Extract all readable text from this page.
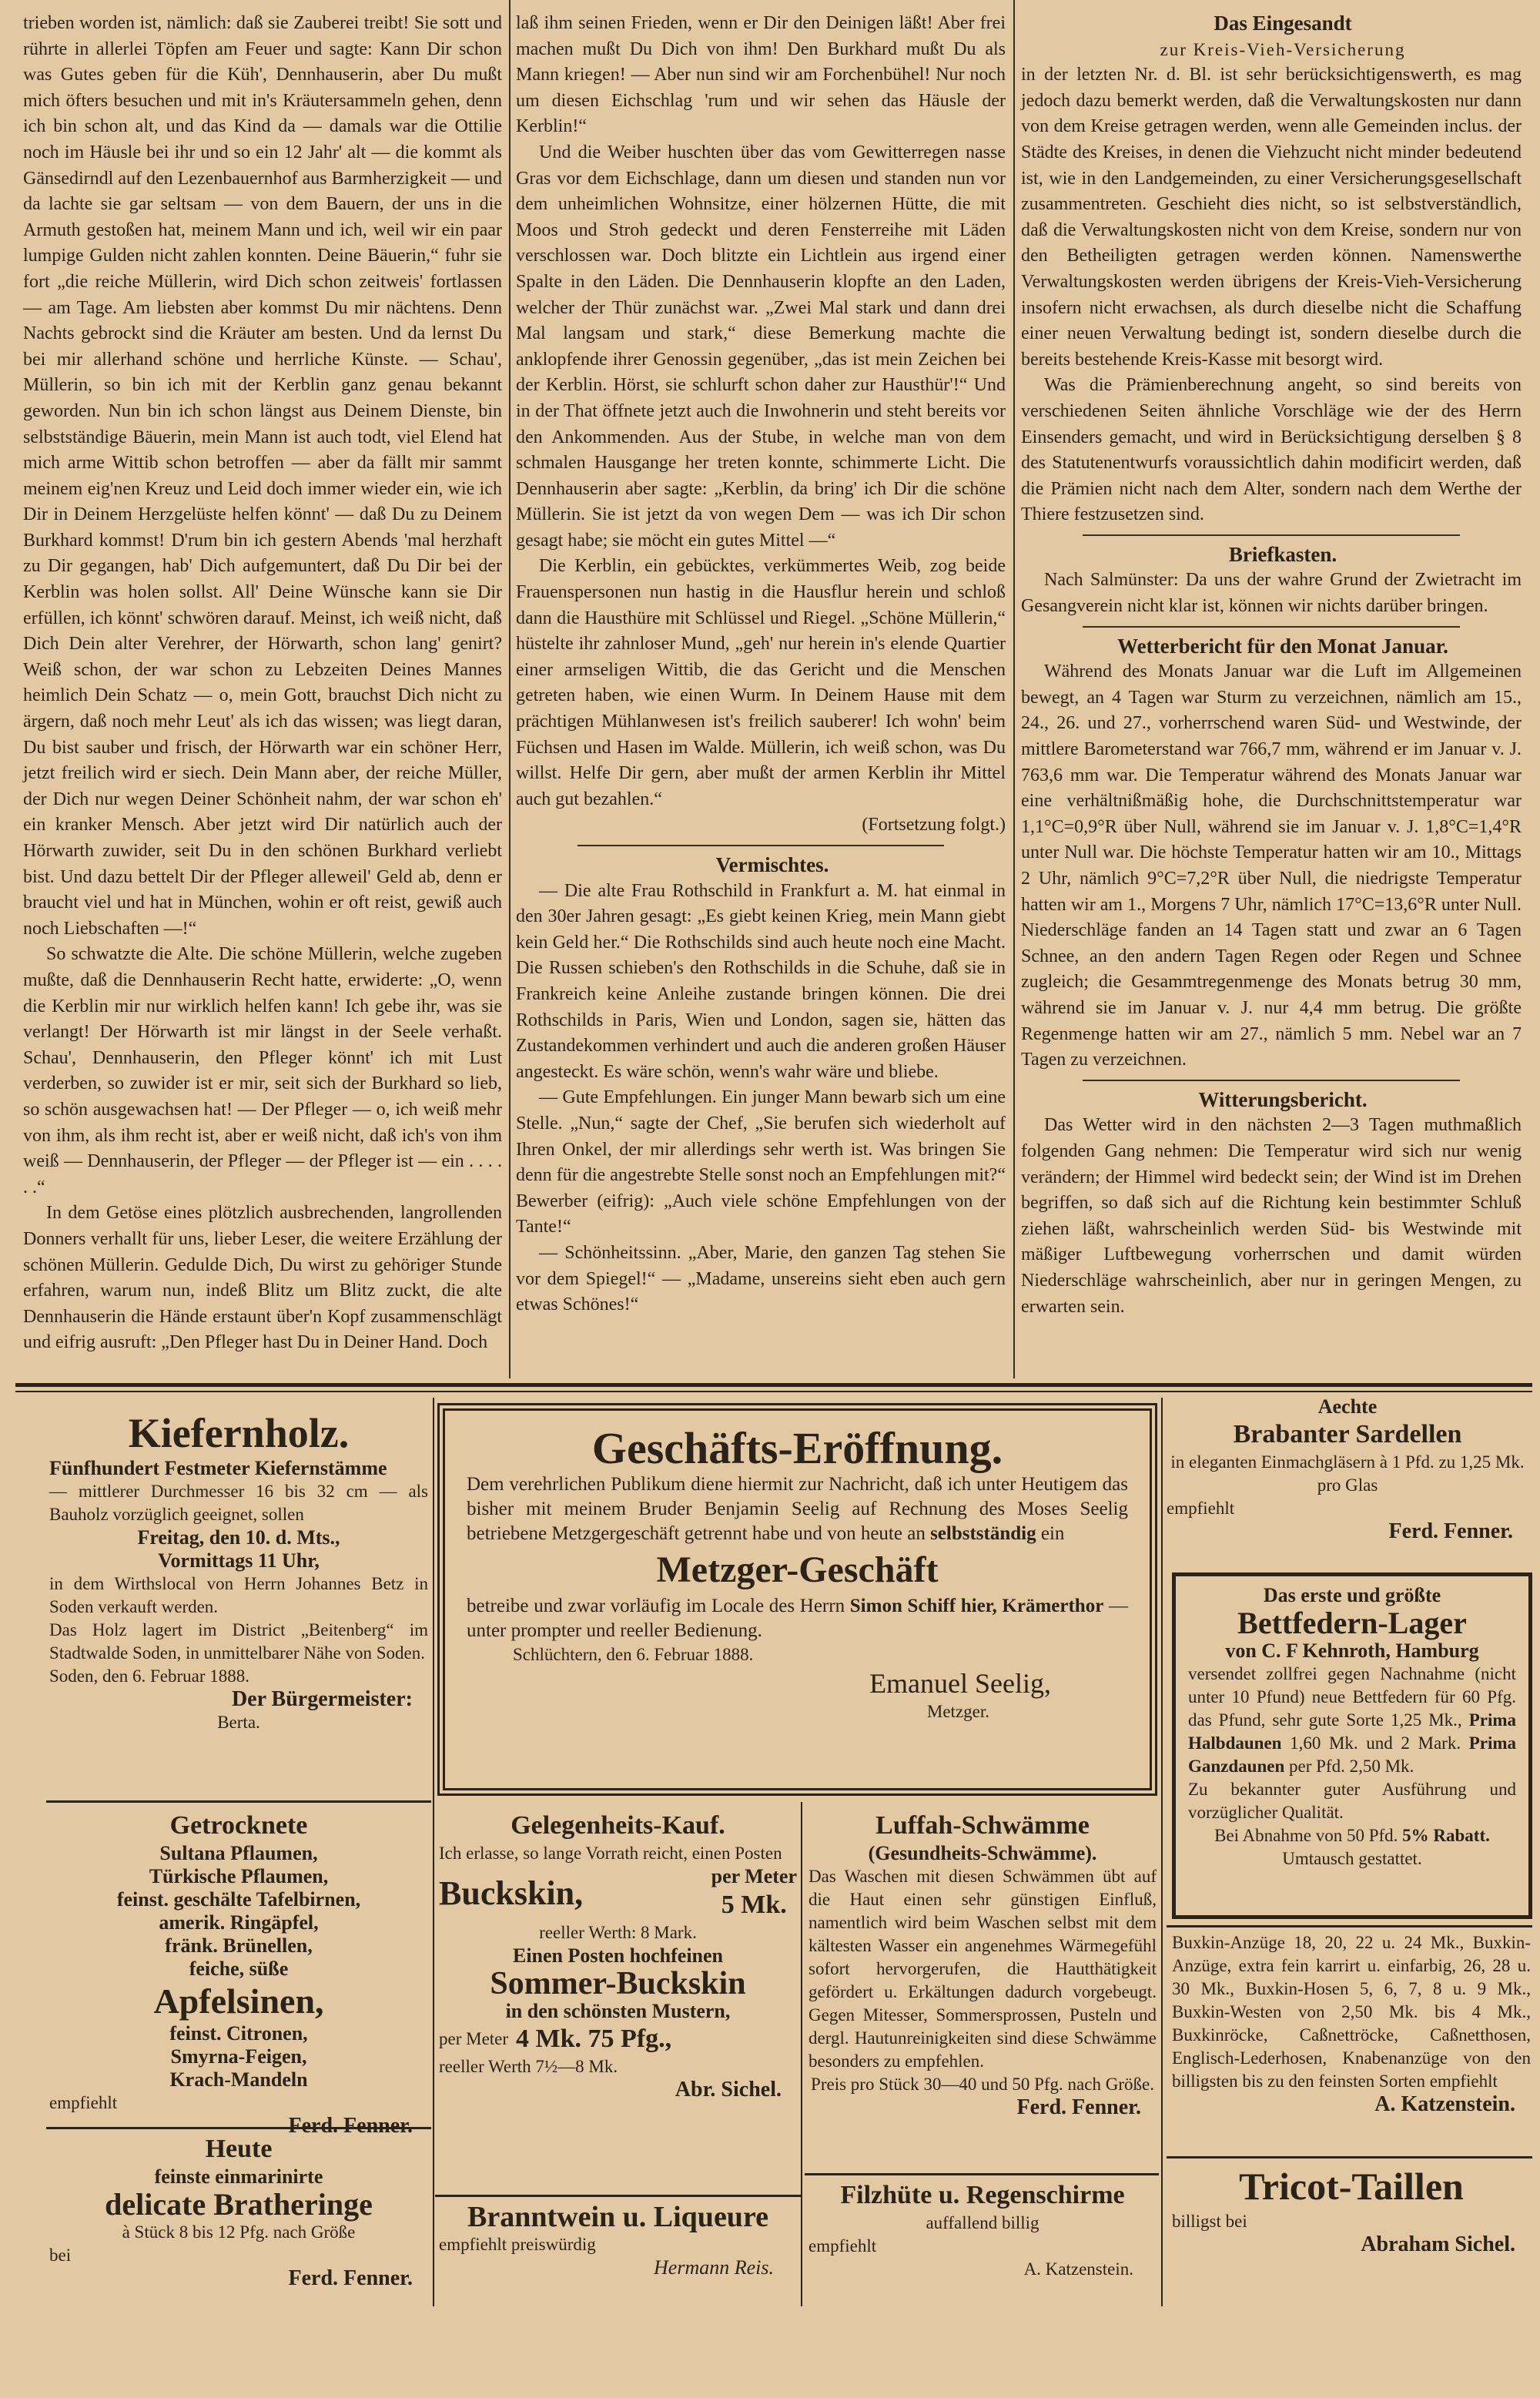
trieben worden ist, nämlich: daß sie Zauberei treibt! Sie sott und rührte in allerlei Töpfen am Feuer und sagte: Kann Dir schon was Gutes geben für die Küh', Dennhauserin, aber Du mußt mich öfters besuchen und mit in's Kräutersammeln gehen, denn ich bin schon alt, und das Kind da — damals war die Ottilie noch im Häusle bei ihr und so ein 12 Jahr' alt — die kommt als Gänsedirndl auf den Lezenbauernhof aus Barmherzigkeit — und da lachte sie gar seltsam — von dem Bauern, der uns in die Armuth gestoßen hat, meinem Mann und ich, weil wir ein paar lumpige Gulden nicht zahlen konnten. Deine Bäuerin,“ fuhr sie fort „die reiche Müllerin, wird Dich schon zeitweis' fortlassen — am Tage. Am liebsten aber kommst Du mir nächtens. Denn Nachts gebrockt sind die Kräuter am besten. Und da lernst Du bei mir allerhand schöne und herrliche Künste. — Schau', Müllerin, so bin ich mit der Kerblin ganz genau bekannt geworden. Nun bin ich schon längst aus Deinem Dienste, bin selbstständige Bäuerin, mein Mann ist auch todt, viel Elend hat mich arme Wittib schon betroffen — aber da fällt mir sammt meinem eig'nen Kreuz und Leid doch immer wieder ein, wie ich Dir in Deinem Herzgelüste helfen könnt' — daß Du zu Deinem Burkhard kommst! D'rum bin ich gestern Abends 'mal herzhaft zu Dir gegangen, hab' Dich aufgemuntert, daß Du Dir bei der Kerblin was holen sollst. All' Deine Wünsche kann sie Dir erfüllen, ich könnt' schwören darauf. Meinst, ich weiß nicht, daß Dich Dein alter Verehrer, der Hörwarth, schon lang' genirt? Weiß schon, der war schon zu Lebzeiten Deines Mannes heimlich Dein Schatz — o, mein Gott, brauchst Dich nicht zu ärgern, daß noch mehr Leut' als ich das wissen; was liegt daran, Du bist sauber und frisch, der Hörwarth war ein schöner Herr, jetzt freilich wird er siech. Dein Mann aber, der reiche Müller, der Dich nur wegen Deiner Schönheit nahm, der war schon eh' ein kranker Mensch. Aber jetzt wird Dir natürlich auch der Hörwarth zuwider, seit Du in den schönen Burkhard verliebt bist. Und dazu bettelt Dir der Pfleger alleweil' Geld ab, denn er braucht viel und hat in München, wohin er oft reist, gewiß auch noch Liebschaften —!“

So schwatzte die Alte. Die schöne Müllerin, welche zugeben mußte, daß die Dennhauserin Recht hatte, erwiderte: „O, wenn die Kerblin mir nur wirklich helfen kann! Ich gebe ihr, was sie verlangt! Der Hörwarth ist mir längst in der Seele verhaßt. Schau', Dennhauserin, den Pfleger könnt' ich mit Lust verderben, so zuwider ist er mir, seit sich der Burkhard so lieb, so schön ausgewachsen hat! — Der Pfleger — o, ich weiß mehr von ihm, als ihm recht ist, aber er weiß nicht, daß ich's von ihm weiß — Dennhauserin, der Pfleger — der Pfleger ist — ein . . . . . .“

In dem Getöse eines plötzlich ausbrechenden, langrollenden Donners verhallt für uns, lieber Leser, die weitere Erzählung der schönen Müllerin. Gedulde Dich, Du wirst zu gehöriger Stunde erfahren, warum nun, indeß Blitz um Blitz zuckt, die alte Dennhauserin die Hände erstaunt über'n Kopf zusammenschlägt und eifrig ausruft: „Den Pfleger hast Du in Deiner Hand. Doch

laß ihm seinen Frieden, wenn er Dir den Deinigen läßt! Aber frei machen mußt Du Dich von ihm! Den Burkhard mußt Du als Mann kriegen! — Aber nun sind wir am Forchenbühel! Nur noch um diesen Eichschlag 'rum und wir sehen das Häusle der Kerblin!“

Und die Weiber huschten über das vom Gewitterregen nasse Gras vor dem Eichschlage, dann um diesen und standen nun vor dem unheimlichen Wohnsitze, einer hölzernen Hütte, die mit Moos und Stroh gedeckt und deren Fensterreihe mit Läden verschlossen war. Doch blitzte ein Lichtlein aus irgend einer Spalte in den Läden. Die Dennhauserin klopfte an den Laden, welcher der Thür zunächst war. „Zwei Mal stark und dann drei Mal langsam und stark,“ diese Bemerkung machte die anklopfende ihrer Genossin gegenüber, „das ist mein Zeichen bei der Kerblin. Hörst, sie schlurft schon daher zur Hausthür'!“ Und in der That öffnete jetzt auch die Inwohnerin und steht bereits vor den Ankommenden. Aus der Stube, in welche man von dem schmalen Hausgange her treten konnte, schimmerte Licht. Die Dennhauserin aber sagte: „Kerblin, da bring' ich Dir die schöne Müllerin. Sie ist jetzt da von wegen Dem — was ich Dir schon gesagt habe; sie möcht ein gutes Mittel —“

Die Kerblin, ein gebücktes, verkümmertes Weib, zog beide Frauenspersonen nun hastig in die Hausflur herein und schloß dann die Hausthüre mit Schlüssel und Riegel. „Schöne Müllerin,“ hüstelte ihr zahnloser Mund, „geh' nur herein in's elende Quartier einer armseligen Wittib, die das Gericht und die Menschen getreten haben, wie einen Wurm. In Deinem Hause mit dem prächtigen Mühlanwesen ist's freilich sauberer! Ich wohn' beim Füchsen und Hasen im Walde. Müllerin, ich weiß schon, was Du willst. Helfe Dir gern, aber mußt der armen Kerblin ihr Mittel auch gut bezahlen.“

(Fortsetzung folgt.)

Vermischtes.

— Die alte Frau Rothschild in Frankfurt a. M. hat einmal in den 30er Jahren gesagt: „Es giebt keinen Krieg, mein Mann giebt kein Geld her.“ Die Rothschilds sind auch heute noch eine Macht. Die Russen schieben's den Rothschilds in die Schuhe, daß sie in Frankreich keine Anleihe zustande bringen können. Die drei Rothschilds in Paris, Wien und London, sagen sie, hätten das Zustandekommen verhindert und auch die anderen großen Häuser angesteckt. Es wäre schön, wenn's wahr wäre und bliebe.

— Gute Empfehlungen. Ein junger Mann bewarb sich um eine Stelle. „Nun,“ sagte der Chef, „Sie berufen sich wiederholt auf Ihren Onkel, der mir allerdings sehr werth ist. Was bringen Sie denn für die angestrebte Stelle sonst noch an Empfehlungen mit?“ Bewerber (eifrig): „Auch viele schöne Empfehlungen von der Tante!“

— Schönheitssinn. „Aber, Marie, den ganzen Tag stehen Sie vor dem Spiegel!“ — „Madame, unsereins sieht eben auch gern etwas Schönes!“

Das Eingesandt

zur Kreis-Vieh-Versicherung

in der letzten Nr. d. Bl. ist sehr berücksichtigenswerth, es mag jedoch dazu bemerkt werden, daß die Verwaltungskosten nur dann von dem Kreise getragen werden, wenn alle Gemeinden inclus. der Städte des Kreises, in denen die Viehzucht nicht minder bedeutend ist, wie in den Landgemeinden, zu einer Versicherungsgesellschaft zusammentreten. Geschieht dies nicht, so ist selbstverständlich, daß die Verwaltungskosten nicht von dem Kreise, sondern nur von den Betheiligten getragen werden können. Namenswerthe Verwaltungskosten werden übrigens der Kreis-Vieh-Versicherung insofern nicht erwachsen, als durch dieselbe nicht die Schaffung einer neuen Verwaltung bedingt ist, sondern dieselbe durch die bereits bestehende Kreis-Kasse mit besorgt wird.

Was die Prämienberechnung angeht, so sind bereits von verschiedenen Seiten ähnliche Vorschläge wie der des Herrn Einsenders gemacht, und wird in Berücksichtigung derselben § 8 des Statutenentwurfs voraussichtlich dahin modificirt werden, daß die Prämien nicht nach dem Alter, sondern nach dem Werthe der Thiere festzusetzen sind.

Briefkasten.

Nach Salmünster: Da uns der wahre Grund der Zwietracht im Gesangverein nicht klar ist, können wir nichts darüber bringen.

Wetterbericht für den Monat Januar.

Während des Monats Januar war die Luft im Allgemeinen bewegt, an 4 Tagen war Sturm zu verzeichnen, nämlich am 15., 24., 26. und 27., vorherrschend waren Süd- und Westwinde, der mittlere Barometerstand war 766,7 mm, während er im Januar v. J. 763,6 mm war. Die Temperatur während des Monats Januar war eine verhältnißmäßig hohe, die Durchschnittstemperatur war 1,1°C=0,9°R über Null, während sie im Januar v. J. 1,8°C=1,4°R unter Null war. Die höchste Temperatur hatten wir am 10., Mittags 2 Uhr, nämlich 9°C=7,2°R über Null, die niedrigste Temperatur hatten wir am 1., Morgens 7 Uhr, nämlich 17°C=13,6°R unter Null. Niederschläge fanden an 14 Tagen statt und zwar an 6 Tagen Schnee, an den andern Tagen Regen oder Regen und Schnee zugleich; die Gesammtregenmenge des Monats betrug 30 mm, während sie im Januar v. J. nur 4,4 mm betrug. Die größte Regenmenge hatten wir am 27., nämlich 5 mm. Nebel war an 7 Tagen zu verzeichnen.

Witterungsbericht.

Das Wetter wird in den nächsten 2—3 Tagen muthmaßlich folgenden Gang nehmen: Die Temperatur wird sich nur wenig verändern; der Himmel wird bedeckt sein; der Wind ist im Drehen begriffen, so daß sich auf die Richtung kein bestimmter Schluß ziehen läßt, wahrscheinlich werden Süd- bis Westwinde mit mäßiger Luftbewegung vorherrschen und damit würden Niederschläge wahrscheinlich, aber nur in geringen Mengen, zu erwarten sein.

Kiefernholz.
Fünfhundert Festmeter Kiefernstämme
— mittlerer Durchmesser 16 bis 32 cm — als Bauholz vorzüglich geeignet, sollen
Freitag, den 10. d. Mts.,
Vormittags 11 Uhr,
in dem Wirthslocal von Herrn Johannes Betz in Soden verkauft werden.
Das Holz lagert im District „Beitenberg“ im Stadtwalde Soden, in unmittelbarer Nähe von Soden.
Soden, den 6. Februar 1888.
Der Bürgermeister:
Berta.
Geschäfts-Eröffnung.
Dem verehrlichen Publikum diene hiermit zur Nachricht, daß ich unter Heutigem das bisher mit meinem Bruder Benjamin Seelig auf Rechnung des Moses Seelig betriebene Metzgergeschäft getrennt habe und von heute an selbstständig ein
Metzger-Geschäft
betreibe und zwar vorläufig im Locale des Herrn Simon Schiff hier, Krämerthor — unter prompter und reeller Bedienung.
Schlüchtern, den 6. Februar 1888.
Emanuel Seelig,
Metzger.
Aechte
Brabanter Sardellen
in eleganten Einmachgläsern à 1 Pfd. zu 1,25 Mk. pro Glas
empfiehlt
Ferd. Fenner.
Das erste und größte
Bettfedern-Lager
von C. F Kehnroth, Hamburg
versendet zollfrei gegen Nachnahme (nicht unter 10 Pfund) neue Bettfedern für 60 Pfg. das Pfund, sehr gute Sorte 1,25 Mk., Prima Halbdaunen 1,60 Mk. und 2 Mark. Prima Ganzdaunen per Pfd. 2,50 Mk.
Zu bekannter guter Ausführung und vorzüglicher Qualität.
Bei Abnahme von 50 Pfd. 5% Rabatt.
Umtausch gestattet.
Getrocknete
Sultana Pflaumen,
Türkische Pflaumen,
feinst. geschälte Tafelbirnen,
amerik. Ringäpfel,
fränk. Brünellen,
feiche, süße
Apfelsinen,
feinst. Citronen,
Smyrna-Feigen,
Krach-Mandeln
empfiehlt
Ferd. Fenner.
Heute
feinste einmarinirte
delicate Bratheringe
à Stück 8 bis 12 Pfg. nach Größe
bei
Ferd. Fenner.
Gelegenheits-Kauf.
Ich erlasse, so lange Vorrath reicht, einen Posten
Buckskin,	per Meter
5 Mk.
reeller Werth: 8 Mark.
Einen Posten hochfeinen
Sommer-Buckskin
in den schönsten Mustern,
per Meter 4 Mk. 75 Pfg.,
reeller Werth 7½—8 Mk.
Abr. Sichel.
Branntwein u. Liqueure
empfiehlt preiswürdig
Hermann Reis.
Luffah-Schwämme
(Gesundheits-Schwämme).
Das Waschen mit diesen Schwämmen übt auf die Haut einen sehr günstigen Einfluß, namentlich wird beim Waschen selbst mit dem kältesten Wasser ein angenehmes Wärmegefühl sofort hervorgerufen, die Hautthätigkeit gefördert u. Erkältungen dadurch vorgebeugt. Gegen Mitesser, Sommersprossen, Pusteln und dergl. Hautunreinigkeiten sind diese Schwämme besonders zu empfehlen.
Preis pro Stück 30—40 und 50 Pfg. nach Größe.
Ferd. Fenner.
Filzhüte u. Regenschirme
auffallend billig
empfiehlt
A. Katzenstein.
Buxkin-Anzüge 18, 20, 22 u. 24 Mk., Buxkin-Anzüge, extra fein karrirt u. einfarbig, 26, 28 u. 30 Mk., Buxkin-Hosen 5, 6, 7, 8 u. 9 Mk., Buxkin-Westen von 2,50 Mk. bis 4 Mk., Buxkinröcke, Caßnettröcke, Caßnetthosen, Englisch-Lederhosen, Knabenanzüge von den billigsten bis zu den feinsten Sorten empfiehlt
A. Katzenstein.
Tricot-Taillen
billigst bei
Abraham Sichel.
